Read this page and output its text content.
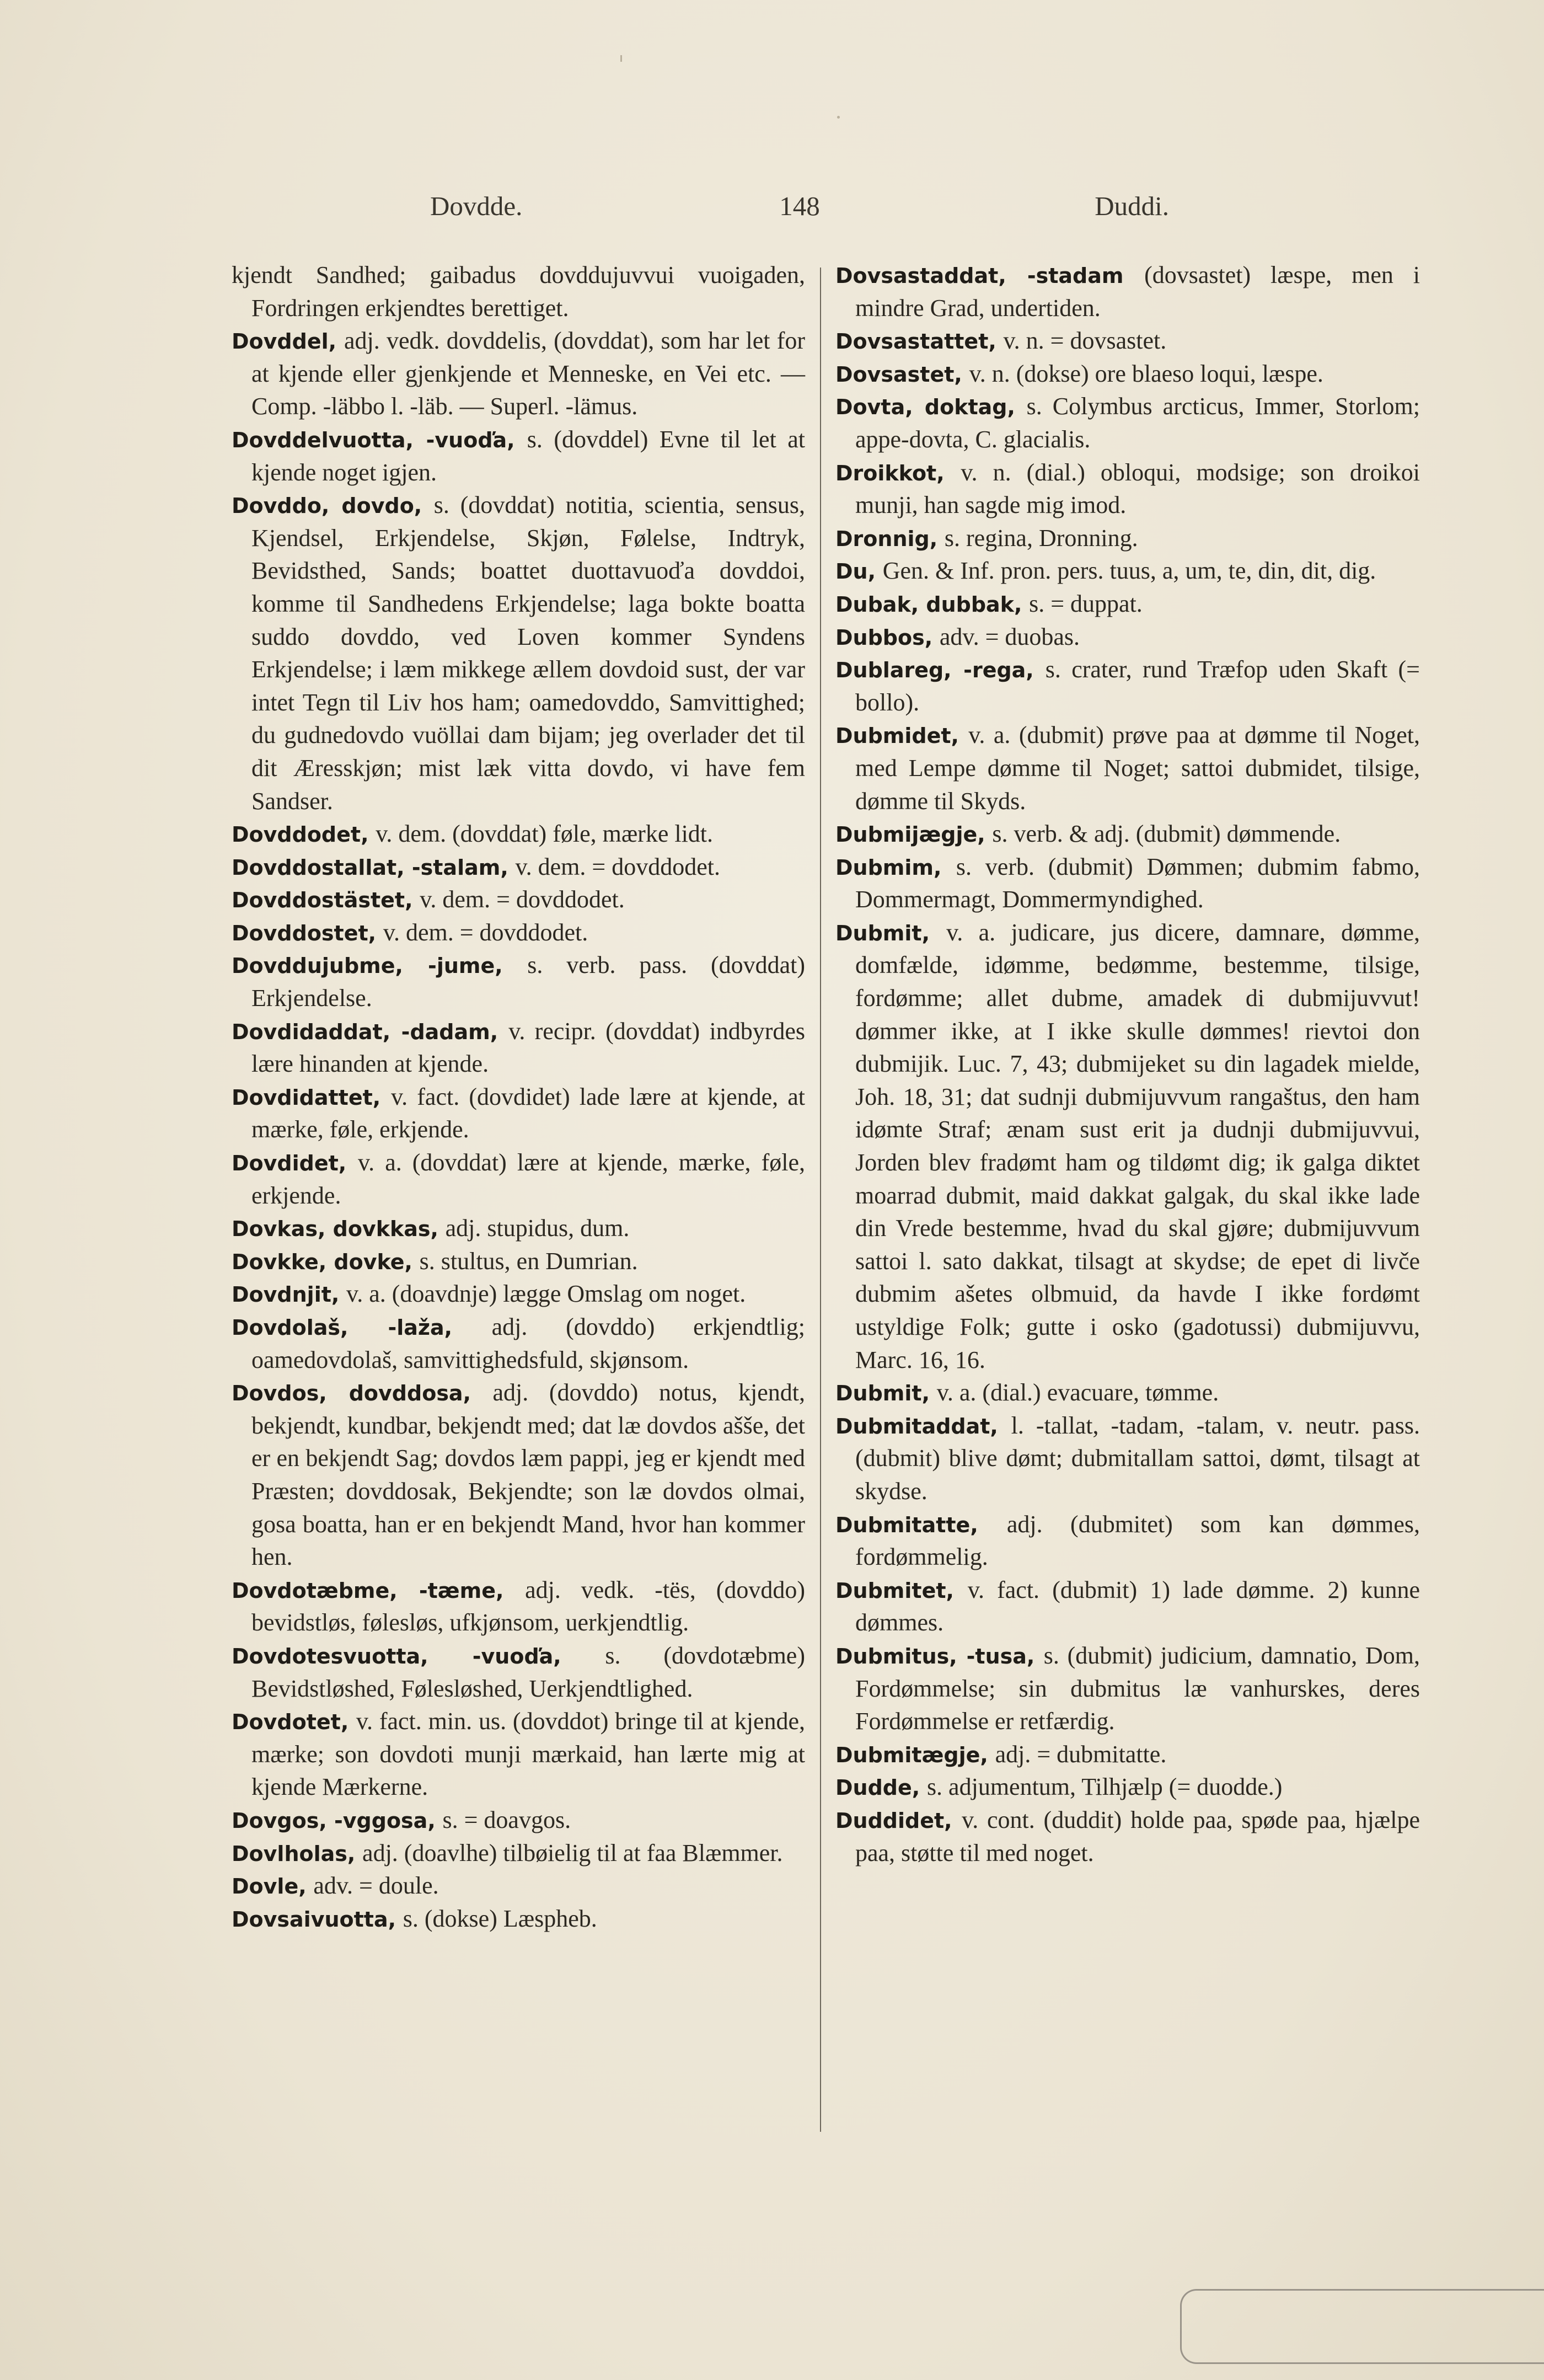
Dovdde.	148	Duddi.

kjendt Sandhed; gaibadus dovddujuvvui vuoigaden, Fordringen erkjendtes berettiget.

Dovddel, adj. vedk. dovddelis, (dovddat), som har let for at kjende eller gjenkjende et Menneske, en Vei etc. — Comp. -läbbo l. -läb. — Superl. -lämus.

Dovddelvuotta, -vuoďa, s. (dovddel) Evne til let at kjende noget igjen.

Dovddo, dovdo, s. (dovddat) notitia, scientia, sensus, Kjendsel, Erkjendelse, Skjøn, Følelse, Indtryk, Bevidsthed, Sands; boattet duottavuoďa dovddoi, komme til Sandhedens Erkjendelse; laga bokte boatta suddo dovddo, ved Loven kommer Syndens Erkjendelse; i læm mikkege ællem dovdoid sust, der var intet Tegn til Liv hos ham; oamedovddo, Samvittighed; du gudnedovdo vuöllai dam bijam; jeg overlader det til dit Æresskjøn; mist læk vitta dovdo, vi have fem Sandser.

Dovddodet, v. dem. (dovddat) føle, mærke lidt.

Dovddostallat, -stalam, v. dem. = dovddodet.

Dovddostästet, v. dem. = dovddodet.

Dovddostet, v. dem. = dovddodet.

Dovddujubme, -jume, s. verb. pass. (dovddat) Erkjendelse.

Dovdidaddat, -dadam, v. recipr. (dovddat) indbyrdes lære hinanden at kjende.

Dovdidattet, v. fact. (dovdidet) lade lære at kjende, at mærke, føle, erkjende.

Dovdidet, v. a. (dovddat) lære at kjende, mærke, føle, erkjende.

Dovkas, dovkkas, adj. stupidus, dum.

Dovkke, dovke, s. stultus, en Dumrian.

Dovdnjit, v. a. (doavdnje) lægge Omslag om noget.

Dovdolaš, -laža, adj. (dovddo) erkjendtlig; oamedovdolaš, samvittighedsfuld, skjønsom.

Dovdos, dovddosa, adj. (dovddo) notus, kjendt, bekjendt, kundbar, bekjendt med; dat læ dovdos ašše, det er en bekjendt Sag; dovdos læm pappi, jeg er kjendt med Præsten; dovddosak, Bekjendte; son læ dovdos olmai, gosa boatta, han er en bekjendt Mand, hvor han kommer hen.

Dovdotæbme, -tæme, adj. vedk. -tës, (dovddo) bevidstløs, følesløs, ufkjønsom, uerkjendtlig.

Dovdotesvuotta, -vuoďa, s. (dovdotæbme) Bevidstløshed, Følesløshed, Uerkjendtlighed.

Dovdotet, v. fact. min. us. (dovddot) bringe til at kjende, mærke; son dovdoti munji mærkaid, han lærte mig at kjende Mærkerne.

Dovgos, -vggosa, s. = doavgos.

Dovlholas, adj. (doavlhe) tilbøielig til at faa Blæmmer.

Dovle, adv. = doule.

Dovsaivuotta, s. (dokse) Læspheb.

Dovsastaddat, -stadam (dovsastet) læspe, men i mindre Grad, undertiden.

Dovsastattet, v. n. = dovsastet.

Dovsastet, v. n. (dokse) ore blaeso loqui, læspe.

Dovta, doktag, s. Colymbus arcticus, Immer, Storlom; appe-dovta, C. glacialis.

Droikkot, v. n. (dial.) obloqui, modsige; son droikoi munji, han sagde mig imod.

Dronnig, s. regina, Dronning.

Du, Gen. & Inf. pron. pers. tuus, a, um, te, din, dit, dig.

Dubak, dubbak, s. = duppat.

Dubbos, adv. = duobas.

Dublareg, -rega, s. crater, rund Træfop uden Skaft (= bollo).

Dubmidet, v. a. (dubmit) prøve paa at dømme til Noget, med Lempe dømme til Noget; sattoi dubmidet, tilsige, dømme til Skyds.

Dubmijægje, s. verb. & adj. (dubmit) dømmende.

Dubmim, s. verb. (dubmit) Dømmen; dubmim fabmo, Dommermagt, Dommermyndighed.

Dubmit, v. a. judicare, jus dicere, damnare, dømme, domfælde, idømme, bedømme, bestemme, tilsige, fordømme; allet dubme, amadek di dubmijuvvut! dømmer ikke, at I ikke skulle dømmes! rievtoi don dubmijik. Luc. 7, 43; dubmijeket su din lagadek mielde, Joh. 18, 31; dat sudnji dubmijuvvum rangaštus, den ham idømte Straf; ænam sust erit ja dudnji dubmijuvvui, Jorden blev fradømt ham og tildømt dig; ik galga diktet moarrad dubmit, maid dakkat galgak, du skal ikke lade din Vrede bestemme, hvad du skal gjøre; dubmijuvvum sattoi l. sato dakkat, tilsagt at skydse; de epet di livče dubmim ašetes olbmuid, da havde I ikke fordømt ustyldige Folk; gutte i osko (gadotussi) dubmijuvvu, Marc. 16, 16.

Dubmit, v. a. (dial.) evacuare, tømme.

Dubmitaddat, l. -tallat, -tadam, -talam, v. neutr. pass. (dubmit) blive dømt; dubmitallam sattoi, dømt, tilsagt at skydse.

Dubmitatte, adj. (dubmitet) som kan dømmes, fordømmelig.

Dubmitet, v. fact. (dubmit) 1) lade dømme. 2) kunne dømmes.

Dubmitus, -tusa, s. (dubmit) judicium, damnatio, Dom, Fordømmelse; sin dubmitus læ vanhurskes, deres Fordømmelse er retfærdig.

Dubmitægje, adj. = dubmitatte.

Dudde, s. adjumentum, Tilhjælp (= duodde.)

Duddidet, v. cont. (duddit) holde paa, spøde paa, hjælpe paa, støtte til med noget.
